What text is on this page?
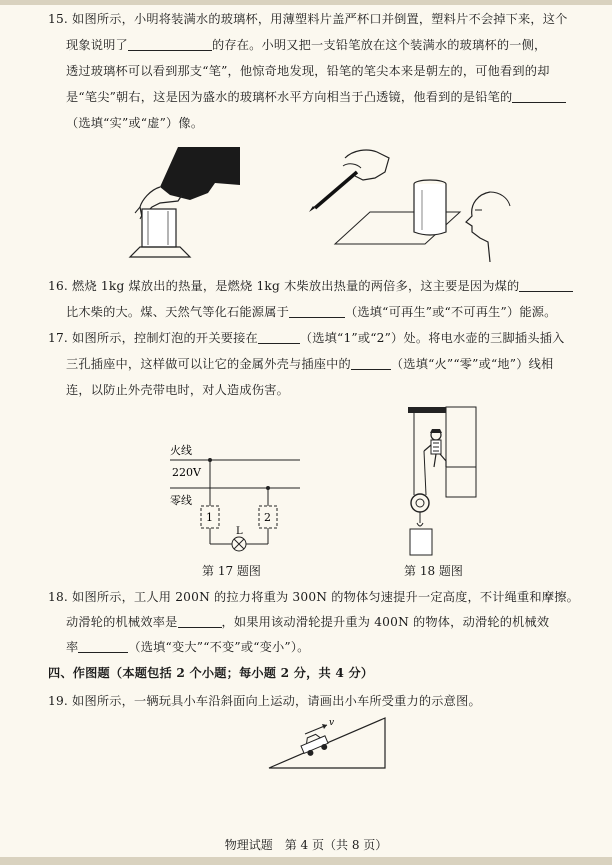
15. 如图所示，小明将装满水的玻璃杯，用薄塑料片盖严杯口并倒置，塑料片不会掉下来，这个
现象说明了	的存在。小明又把一支铅笔放在这个装满水的玻璃杯的一侧，
透过玻璃杯可以看到那支“笔”，他惊奇地发现，铅笔的笔尖本来是朝左的，可他看到的却
是“笔尖”朝右，这是因为盛水的玻璃杯水平方向相当于凸透镜，他看到的是铅笔的
（选填“实”或“虚”）像。
16. 燃烧 1kg 煤放出的热量，是燃烧 1kg 木柴放出热量的两倍多，这主要是因为煤的
比木柴的大。煤、天然气等化石能源属于	（选填“可再生”或“不可再生”）能源。
17. 如图所示，控制灯泡的开关要接在	（选填“1”或“2”）处。将电水壶的三脚插头插入
三孔插座中，这样做可以让它的金属外壳与插座中的	（选填“火”“零”或“地”）线相
连，以防止外壳带电时，对人造成伤害。
火线
220V
零线
1	2
L
第 17 题图	第 18 题图
18. 如图所示，工人用 200N 的拉力将重为 300N 的物体匀速提升一定高度，不计绳重和摩擦。
动滑轮的机械效率是	，如果用该动滑轮提升重为 400N 的物体，动滑轮的机械效
率	（选填“变大”“不变”或“变小”）。
四、作图题（本题包括 2 个小题；每小题 2 分，共 4 分）
19. 如图所示，一辆玩具小车沿斜面向上运动，请画出小车所受重力的示意图。
v
物理试题　第 4 页（共 8 页）
